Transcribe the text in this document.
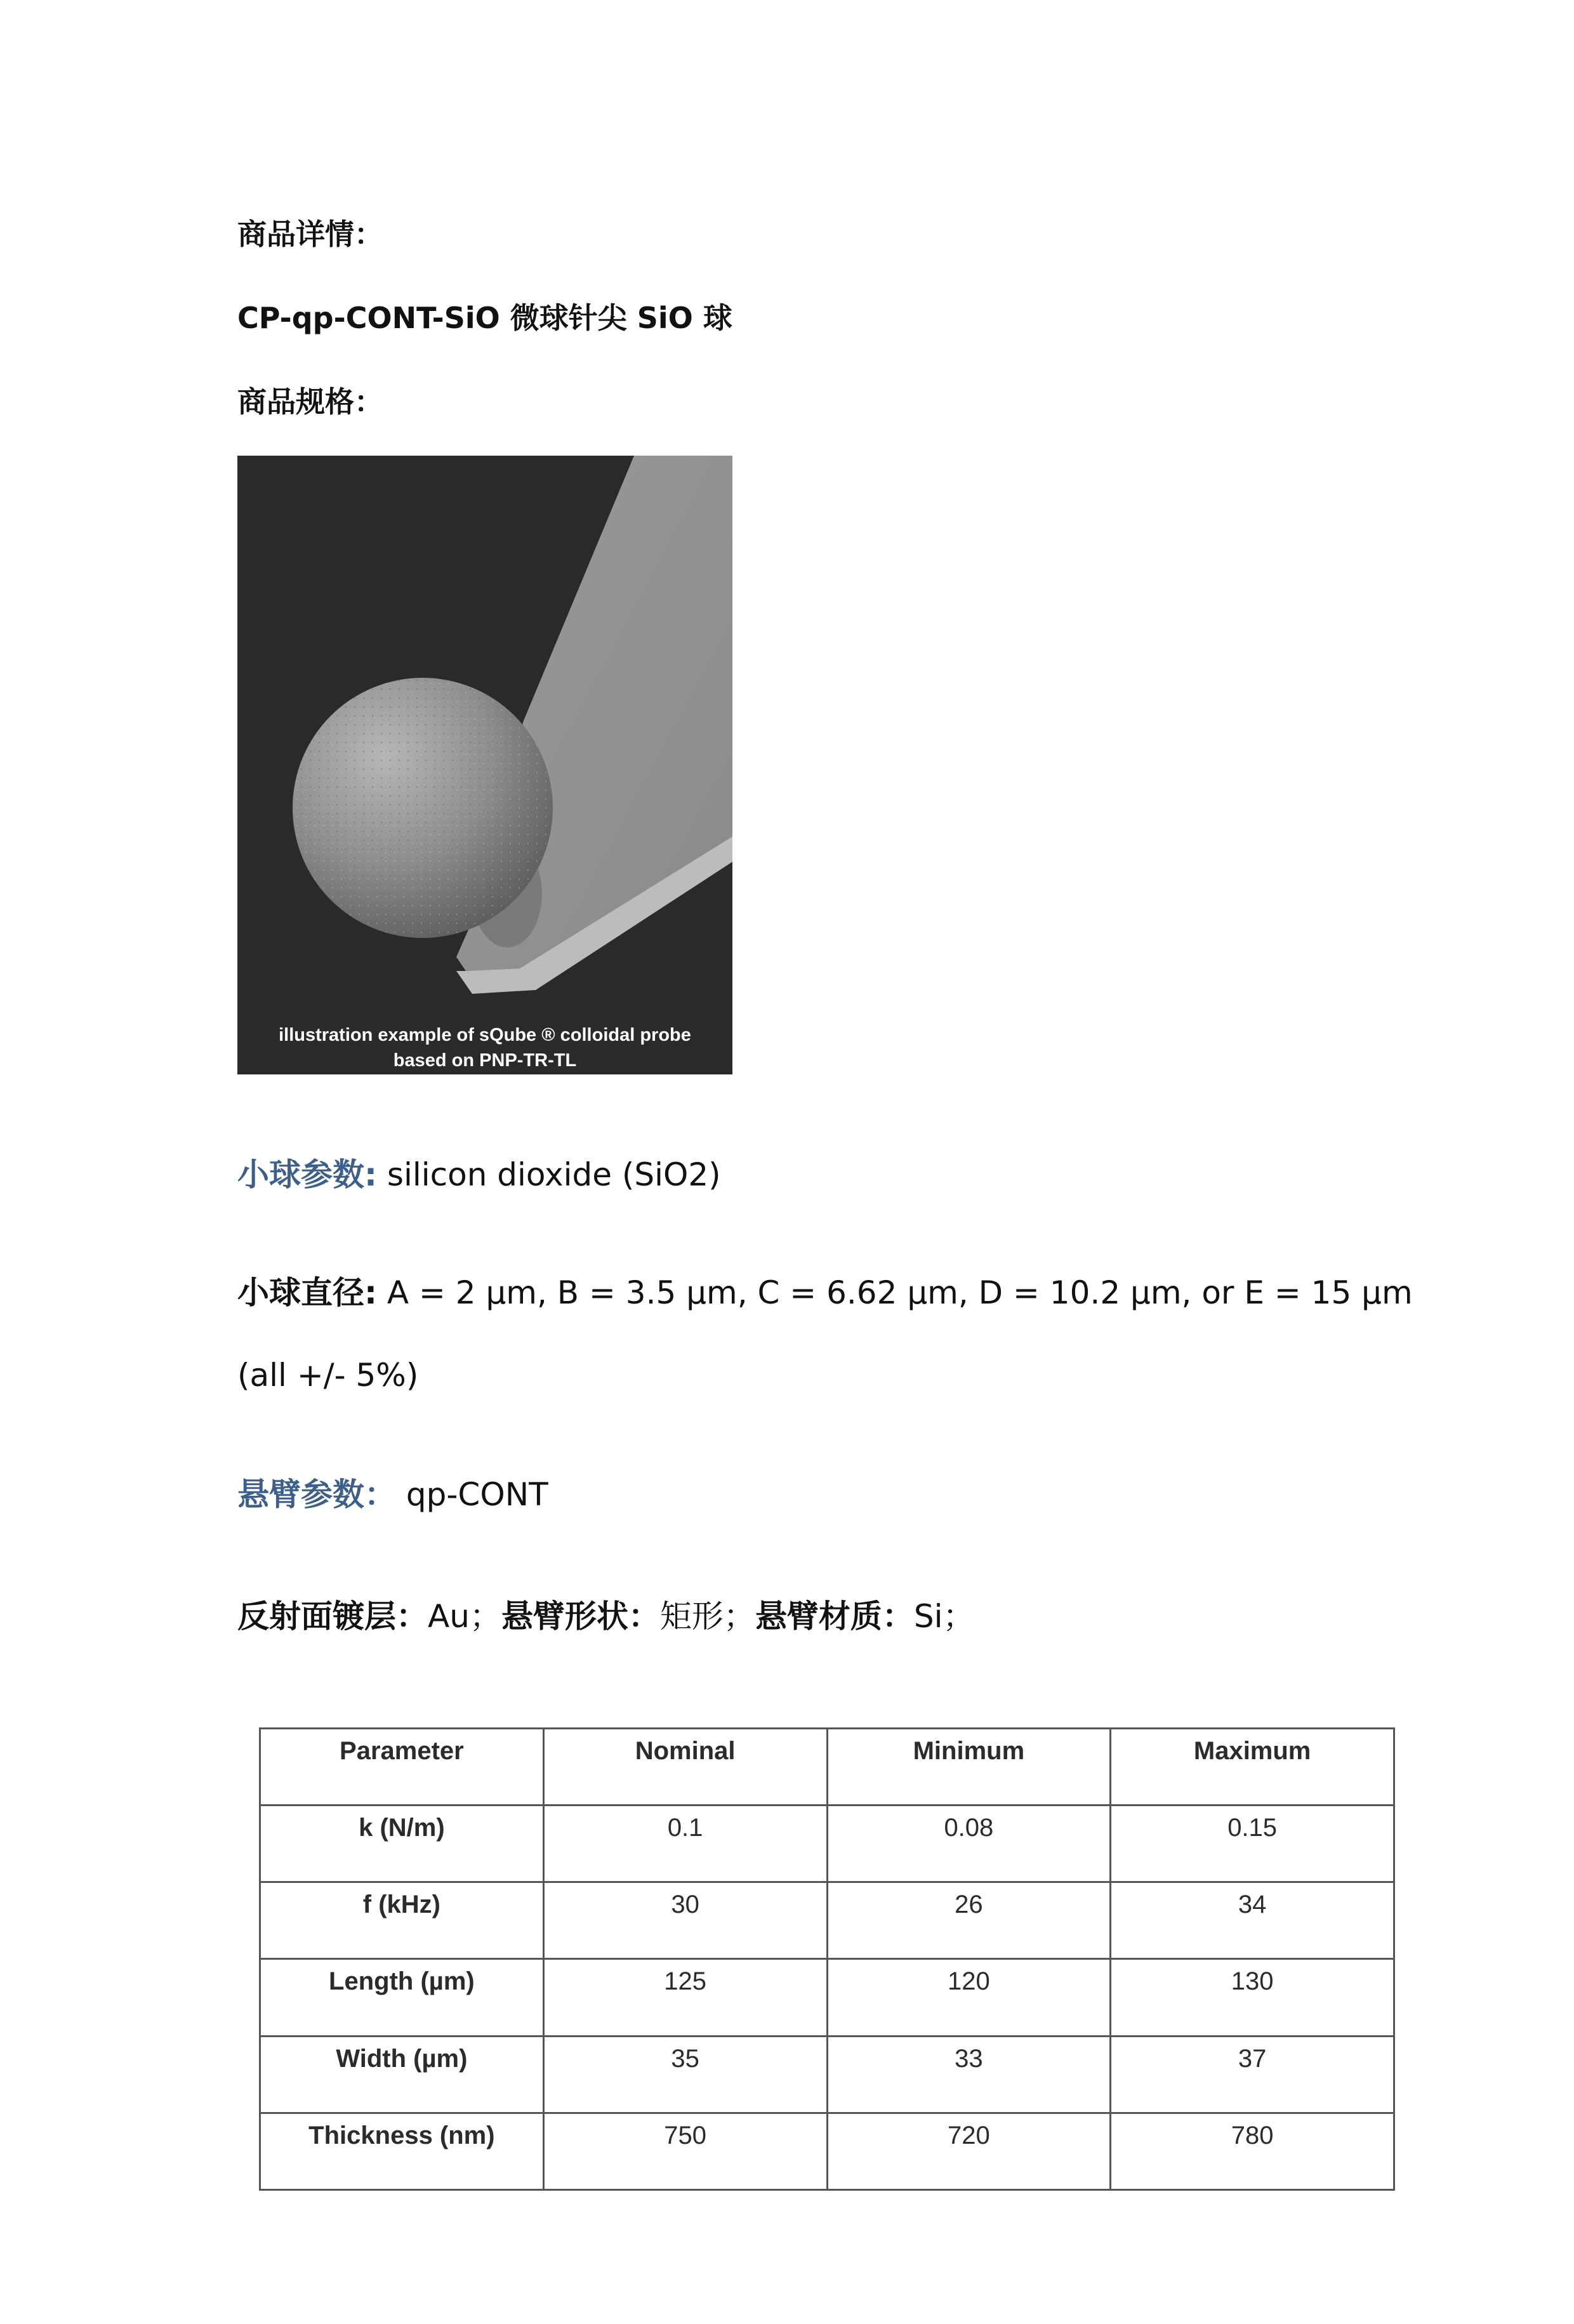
商品详情：
CP-qp-CONT-SiO 微球针尖 SiO 球
商品规格：
illustration example of sQube ® colloidal probe
based on PNP-TR-TL
小球参数: silicon dioxide (SiO2)
小球直径: A = 2 µm, B = 3.5 µm, C = 6.62 µm, D = 10.2 µm, or E = 15 µm
(all +/- 5%)
悬臂参数： qp-CONT
反射面镀层：Au；悬臂形状：矩形；悬臂材质：Si；
Parameter	Nominal	Minimum	Maximum
k (N/m)	0.1	0.08	0.15
f (kHz)	30	26	34
Length (µm)	125	120	130
Width (µm)	35	33	37
Thickness (nm)	750	720	780
